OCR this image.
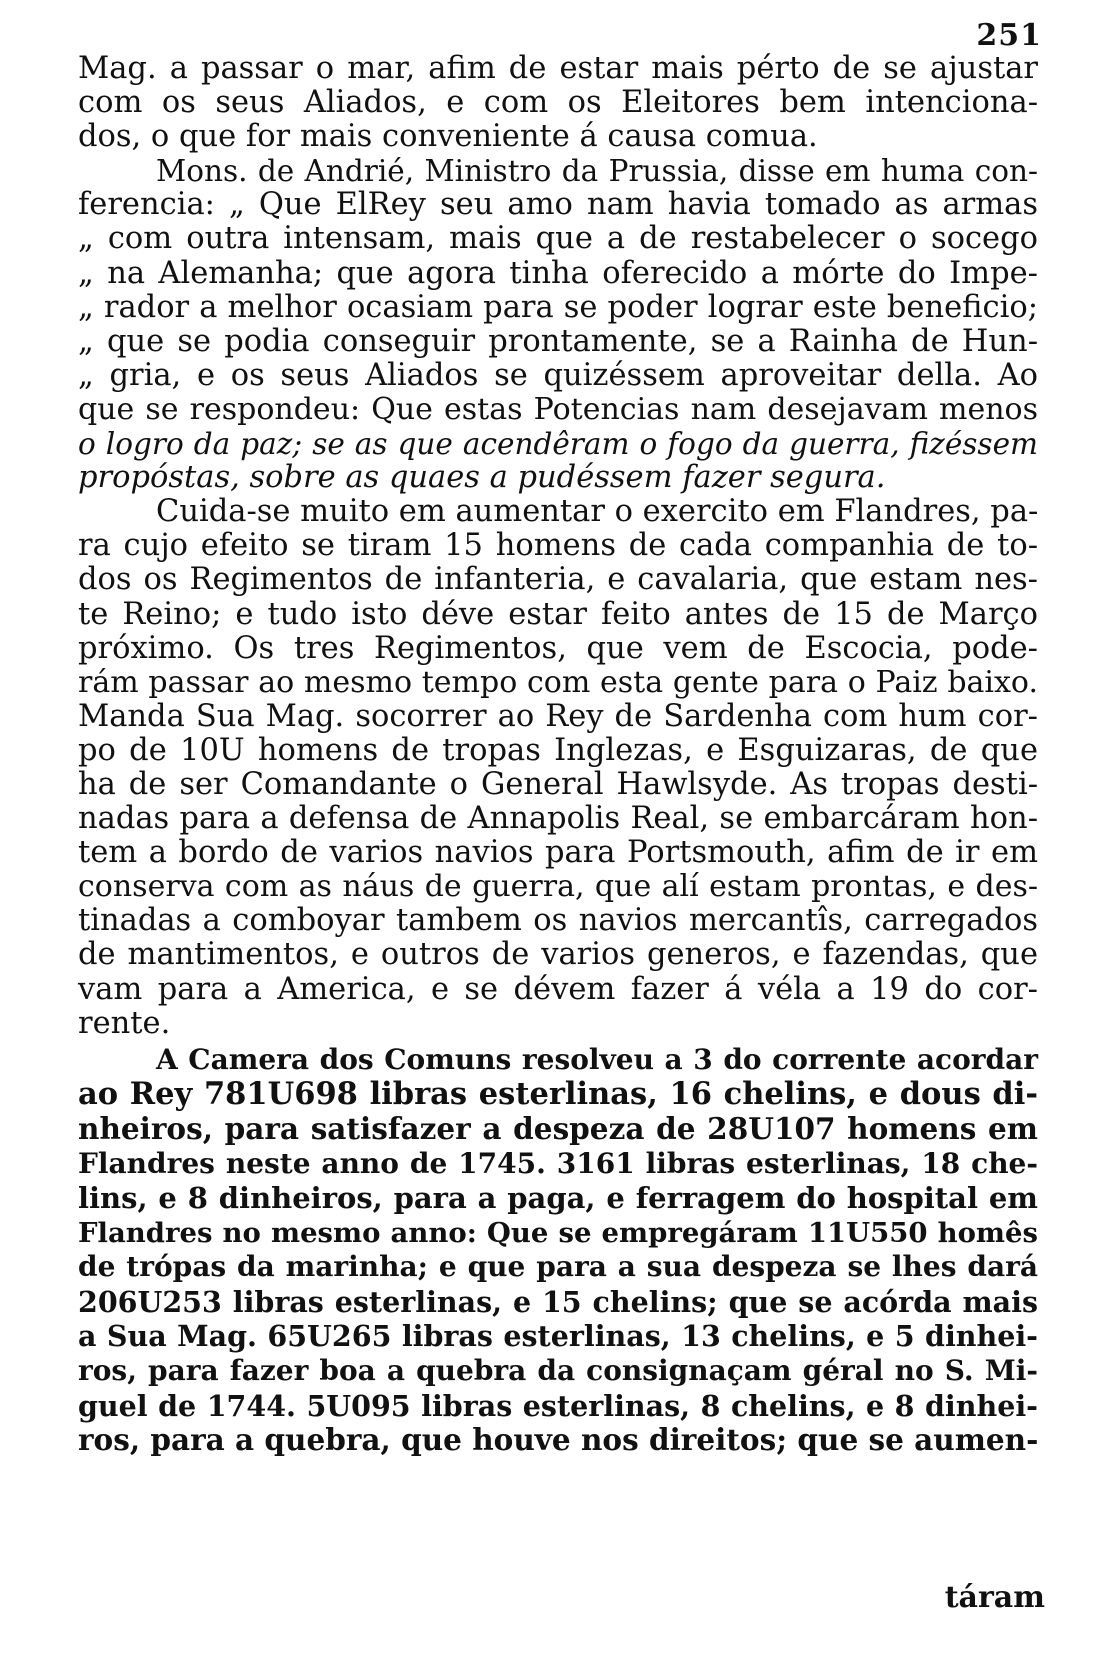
251
Mag. a passar o mar, afim de estar mais pérto de se ajustar
com os seus Aliados, e com os Eleitores bem intenciona-
dos, o que for mais conveniente á causa comua.
Mons. de Andrié, Ministro da Prussia, disse em huma con-
ferencia: „ Que ElRey seu amo nam havia tomado as armas
„ com outra intensam, mais que a de restabelecer o socego
„ na Alemanha; que agora tinha oferecido a mórte do Impe-
„ rador a melhor ocasiam para se poder lograr este beneficio;
„ que se podia conseguir prontamente, se a Rainha de Hun-
„ gria, e os seus Aliados se quizéssem aproveitar della. Ao
que se respondeu: Que estas Potencias nam desejavam menos
o logro da paz; se as que acendêram o fogo da guerra, fizéssem
propóstas, sobre as quaes a pudéssem fazer segura.
Cuida-se muito em aumentar o exercito em Flandres, pa-
ra cujo efeito se tiram 15 homens de cada companhia de to-
dos os Regimentos de infanteria, e cavalaria, que estam nes-
te Reino; e tudo isto déve estar feito antes de 15 de Março
próximo. Os tres Regimentos, que vem de Escocia, pode-
rám passar ao mesmo tempo com esta gente para o Paiz baixo.
Manda Sua Mag. socorrer ao Rey de Sardenha com hum cor-
po de 10U homens de tropas Inglezas, e Esguizaras, de que
ha de ser Comandante o General Hawlsyde. As tropas desti-
nadas para a defensa de Annapolis Real, se embarcáram hon-
tem a bordo de varios navios para Portsmouth, afim de ir em
conserva com as náus de guerra, que alí estam prontas, e des-
tinadas a comboyar tambem os navios mercantîs, carregados
de mantimentos, e outros de varios generos, e fazendas, que
vam para a America, e se dévem fazer á véla a 19 do cor-
rente.
A Camera dos Comuns resolveu a 3 do corrente acordar
ao Rey 781U698 libras esterlinas, 16 chelins, e dous di-
nheiros, para satisfazer a despeza de 28U107 homens em
Flandres neste anno de 1745. 3161 libras esterlinas, 18 che-
lins, e 8 dinheiros, para a paga, e ferragem do hospital em
Flandres no mesmo anno: Que se empregáram 11U550 homês
de trópas da marinha; e que para a sua despeza se lhes dará
206U253 libras esterlinas, e 15 chelins; que se acórda mais
a Sua Mag. 65U265 libras esterlinas, 13 chelins, e 5 dinhei-
ros, para fazer boa a quebra da consignaçam géral no S. Mi-
guel de 1744. 5U095 libras esterlinas, 8 chelins, e 8 dinhei-
ros, para a quebra, que houve nos direitos; que se aumen-
táram
